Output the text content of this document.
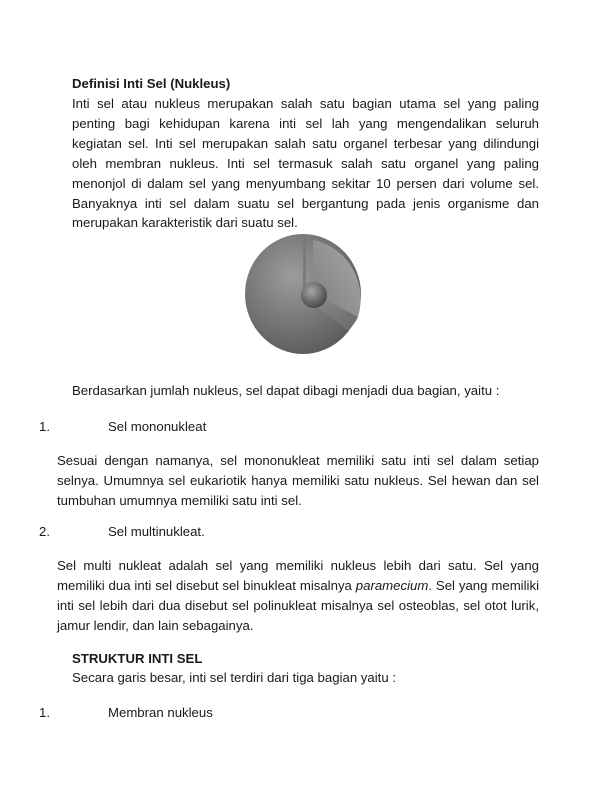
Definisi Inti Sel (Nukleus)

Inti sel atau nukleus merupakan salah satu bagian utama sel yang paling penting bagi kehidupan karena inti sel lah yang mengendalikan seluruh kegiatan sel. Inti sel merupakan salah satu organel terbesar yang dilindungi oleh membran nukleus. Inti sel termasuk salah satu organel yang paling menonjol di dalam sel yang menyumbang sekitar 10 persen dari volume sel. Banyaknya inti sel dalam suatu sel bergantung pada jenis organisme dan merupakan karakteristik dari suatu sel.

Berdasarkan jumlah nukleus, sel dapat dibagi menjadi dua bagian, yaitu :
1.	Sel mononukleat

Sesuai dengan namanya, sel mononukleat memiliki satu inti sel dalam setiap selnya. Umumnya sel eukariotik hanya memiliki satu nukleus. Sel hewan dan sel tumbuhan umumnya memiliki satu inti sel.

2.	Sel multinukleat.

Sel multi nukleat adalah sel yang memiliki nukleus lebih dari satu. Sel yang memiliki dua inti sel disebut sel binukleat misalnya paramecium. Sel yang memiliki inti sel lebih dari dua disebut sel polinukleat misalnya sel osteoblas, sel otot lurik, jamur lendir, dan lain sebagainya.

STRUKTUR INTI SEL
Secara garis besar, inti sel terdiri dari tiga bagian yaitu :
1.	Membran nukleus
